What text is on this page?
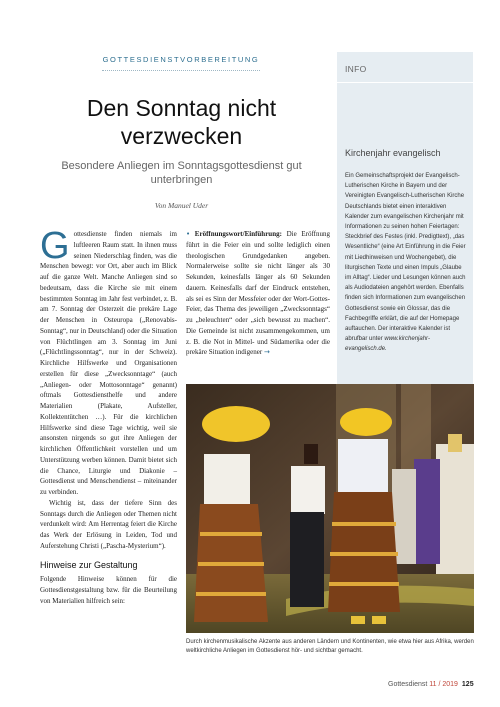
GOTTESDIENSTVORBEREITUNG
Den Sonntag nicht verzwecken
Besondere Anliegen im Sonntagsgottesdienst gut unterbringen
Von Manuel Uder

Gottesdienste finden niemals im luftleeren Raum statt. In ihnen muss seinen Niederschlag finden, was die Menschen bewegt: vor Ort, aber auch im Blick auf die ganze Welt. Manche Anliegen sind so bedeutsam, dass die Kirche sie mit einem bestimmten Sonntag im Jahr fest verbindet, z. B. am 7. Sonntag der Osterzeit die prekäre Lage der Menschen in Osteuropa („Renovabis-Sonntag“, nur in Deutschland) oder die Situation von Flüchtlingen am 3. Sonntag im Juni („Flüchtlingssonntag“, nur in der Schweiz). Kirchliche Hilfswerke und Organisationen erstellen für diese „Zwecksonntage“ (auch „Anliegen- oder Mottosonntage“ genannt) oftmals Gottesdiensthelfe und andere Materialien (Plakate, Aufsteller, Kollektentütchen …). Für die kirchlichen Hilfswerke sind diese Tage wichtig, weil sie ansonsten nirgends so gut ihre Anliegen der kirchlichen Öffentlichkeit vorstellen und um Unterstützung werben können. Damit bietet sich die Chance, Liturgie und Diakonie – Gottesdienst und Menschendienst – miteinander zu verbinden.

Wichtig ist, dass der tiefere Sinn des Sonntags durch die Anliegen oder Themen nicht verdunkelt wird: Am Herrentag feiert die Kirche das Werk der Erlösung in Leiden, Tod und Auferstehung Christi („Pascha-Mysterium“).

Hinweise zur Gestaltung

Folgende Hinweise können für die Gottesdienstgestaltung bzw. für die Beurteilung von Materialien hilfreich sein:

• Eröffnungswort/Einführung: Die Eröffnung führt in die Feier ein und sollte lediglich einen theologischen Grundgedanken angeben. Normalerweise sollte sie nicht länger als 30 Sekunden, keinesfalls länger als 60 Sekunden dauern. Keinesfalls darf der Eindruck entstehen, als sei es Sinn der Messfeier oder der Wort-Gottes-Feier, das Thema des jeweiligen „Zwecksonntags“ zu „beleuchten“ oder „sich bewusst zu machen“. Die Gemeinde ist nicht zusammengekommen, um z. B. die Not in Mittel- und Südamerika oder die prekäre Situation indigener →

INFO
Kirchenjahr evangelisch

Ein Gemeinschaftsprojekt der Evangelisch-Lutherischen Kirche in Bayern und der Vereinigten Evangelisch-Lutherischen Kirche Deutschlands bietet einen interaktiven Kalender zum evangelischen Kirchenjahr mit Informationen zu seinen hohen Feiertagen: Steckbrief des Festes (inkl. Predigttext), „das Wesentliche“ (eine Art Einführung in die Feier mit Liedhinweisen und Wochengebet), die liturgischen Texte und einen Impuls „Glaube im Alltag“. Lieder und Lesungen können auch als Audiodateien angehört werden. Ebenfalls finden sich Informationen zum evangelischen Gottesdienst sowie ein Glossar, das die Fachbegriffe erklärt, die auf der Homepage auftauchen. Der interaktive Kalender ist abrufbar unter www.kirchenjahr-evangelisch.de.

Durch kirchenmusikalische Akzente aus anderen Ländern und Kontinenten, wie etwa hier aus Afrika, werden weltkirchliche Anliegen im Gottesdienst hör- und sichtbar gemacht.
Gottesdienst 11 / 2019 125
